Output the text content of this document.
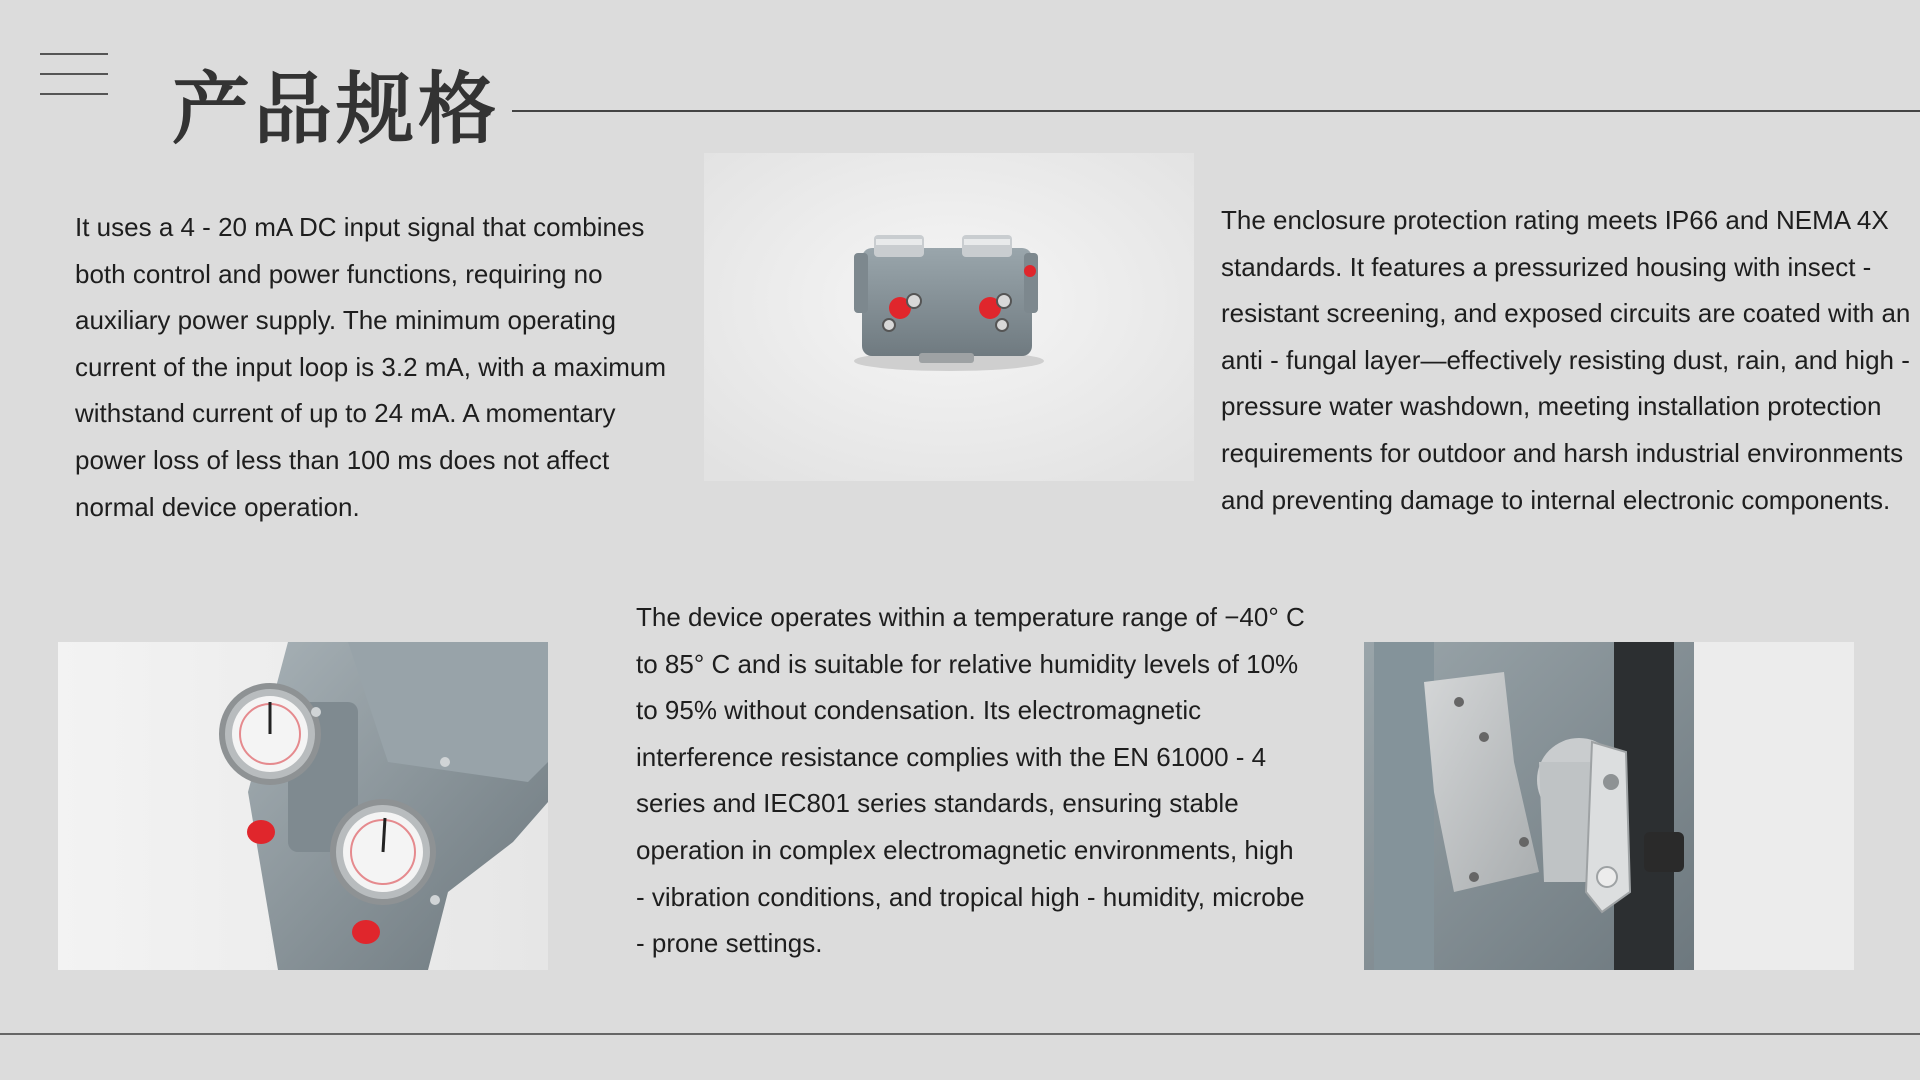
产品规格

It uses a 4 - 20 mA DC input signal that combines both control and power functions, requiring no auxiliary power supply. The minimum operating current of the input loop is 3.2 mA, with a maximum withstand current of up to 24 mA. A momentary power loss of less than 100 ms does not affect normal device operation.

The enclosure protection rating meets IP66 and NEMA 4X standards. It features a pressurized housing with insect - resistant screening, and exposed circuits are coated with an anti - fungal layer—effectively resisting dust, rain, and high - pressure water washdown, meeting installation protection requirements for outdoor and harsh industrial environments and preventing damage to internal electronic components.

The device operates within a temperature range of −40° C to 85° C and is suitable for relative humidity levels of 10% to 95% without condensation. Its electromagnetic interference resistance complies with the EN 61000 - 4 series and IEC801 series standards, ensuring stable operation in complex electromagnetic environments, high - vibration conditions, and tropical high - humidity, microbe - prone settings.
